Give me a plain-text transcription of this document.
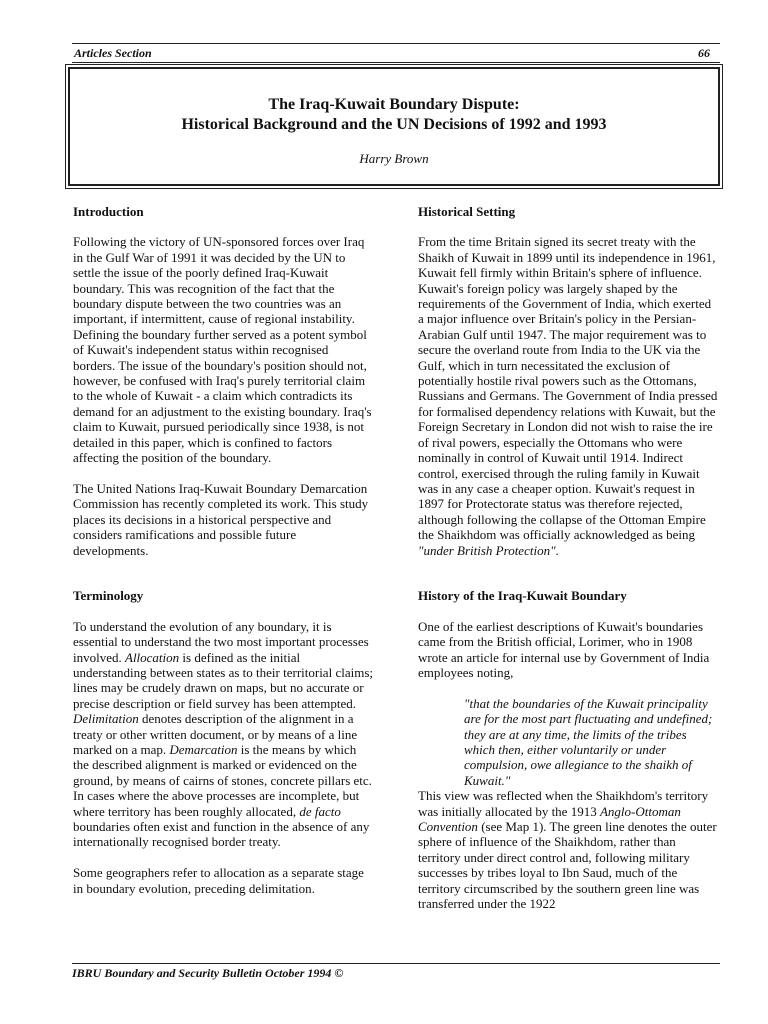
Articles Section	66
The Iraq-Kuwait Boundary Dispute:
Historical Background and the UN Decisions of 1992 and 1993
Harry Brown
Introduction

Following the victory of UN-sponsored forces over Iraq in the Gulf War of 1991 it was decided by the UN to settle the issue of the poorly defined Iraq-Kuwait boundary. This was recognition of the fact that the boundary dispute between the two countries was an important, if intermittent, cause of regional instability. Defining the boundary further served as a potent symbol of Kuwait's independent status within recognised borders. The issue of the boundary's position should not, however, be confused with Iraq's purely territorial claim to the whole of Kuwait - a claim which contradicts its demand for an adjustment to the existing boundary. Iraq's claim to Kuwait, pursued periodically since 1938, is not detailed in this paper, which is confined to factors affecting the position of the boundary.

The United Nations Iraq-Kuwait Boundary Demarcation Commission has recently completed its work. This study places its decisions in a historical perspective and considers ramifications and possible future developments.

Terminology

To understand the evolution of any boundary, it is essential to understand the two most important processes involved. Allocation is defined as the initial understanding between states as to their territorial claims; lines may be crudely drawn on maps, but no accurate or precise description or field survey has been attempted. Delimitation denotes description of the alignment in a treaty or other written document, or by means of a line marked on a map. Demarcation is the means by which the described alignment is marked or evidenced on the ground, by means of cairns of stones, concrete pillars etc. In cases where the above processes are incomplete, but where territory has been roughly allocated, de facto boundaries often exist and function in the absence of any internationally recognised border treaty.

Some geographers refer to allocation as a separate stage in boundary evolution, preceding delimitation.

Historical Setting

From the time Britain signed its secret treaty with the Shaikh of Kuwait in 1899 until its independence in 1961, Kuwait fell firmly within Britain's sphere of influence. Kuwait's foreign policy was largely shaped by the requirements of the Government of India, which exerted a major influence over Britain's policy in the Persian-Arabian Gulf until 1947. The major requirement was to secure the overland route from India to the UK via the Gulf, which in turn necessitated the exclusion of potentially hostile rival powers such as the Ottomans, Russians and Germans. The Government of India pressed for formalised dependency relations with Kuwait, but the Foreign Secretary in London did not wish to raise the ire of rival powers, especially the Ottomans who were nominally in control of Kuwait until 1914. Indirect control, exercised through the ruling family in Kuwait was in any case a cheaper option. Kuwait's request in 1897 for Protectorate status was therefore rejected, although following the collapse of the Ottoman Empire the Shaikhdom was officially acknowledged as being "under British Protection".

History of the Iraq-Kuwait Boundary

One of the earliest descriptions of Kuwait's boundaries came from the British official, Lorimer, who in 1908 wrote an article for internal use by Government of India employees noting,

"that the boundaries of the Kuwait principality are for the most part fluctuating and undefined; they are at any time, the limits of the tribes which then, either voluntarily or under compulsion, owe allegiance to the shaikh of Kuwait."

This view was reflected when the Shaikhdom's territory was initially allocated by the 1913 Anglo-Ottoman Convention (see Map 1). The green line denotes the outer sphere of influence of the Shaikhdom, rather than territory under direct control and, following military successes by tribes loyal to Ibn Saud, much of the territory circumscribed by the southern green line was transferred under the 1922

IBRU Boundary and Security Bulletin October 1994 ©
